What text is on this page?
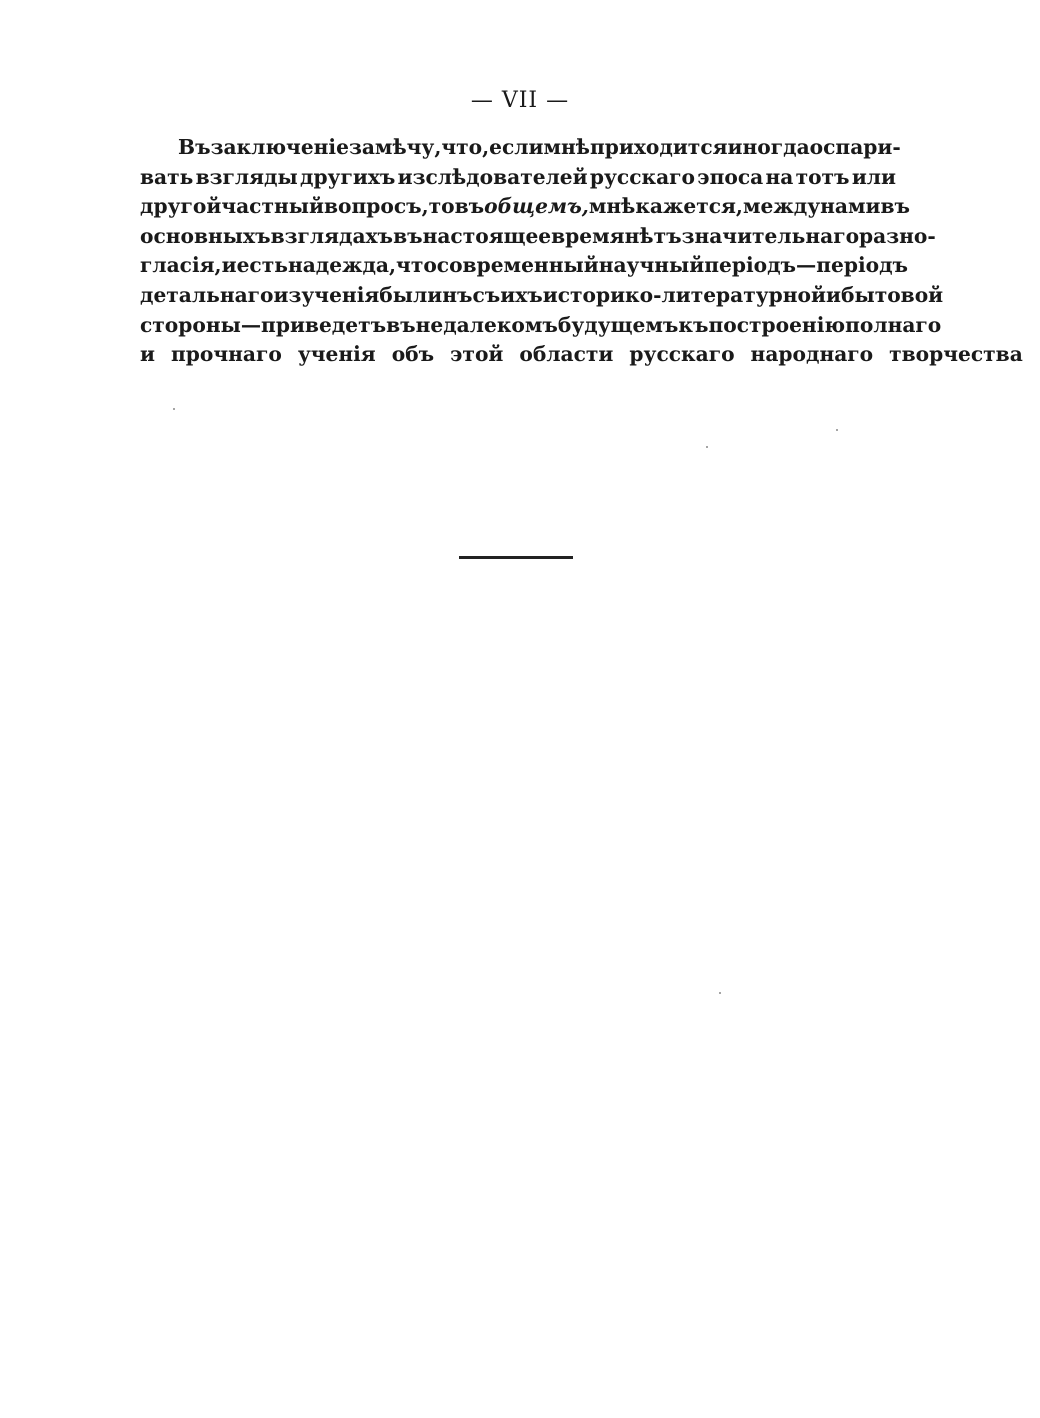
— VII —
Въ заключеніе замѣчу, что, если мнѣ приходится иногда оспари-
вать взгляды другихъ изслѣдователей русскаго эпоса на тотъ или
другой частный вопросъ, то въ общемъ, мнѣ кажется, между нами въ
основныхъ взглядахъ въ настоящее время нѣтъ значительнаго разно-
гласія, и есть надежда, что современный научный періодъ — періодъ
детальнаго изученія былинъ съ ихъ историко-литературной и бытовой
стороны — приведетъ въ недалекомъ будущемъ къ построенію полнаго
и прочнаго ученія объ этой области русскаго народнаго творчества
